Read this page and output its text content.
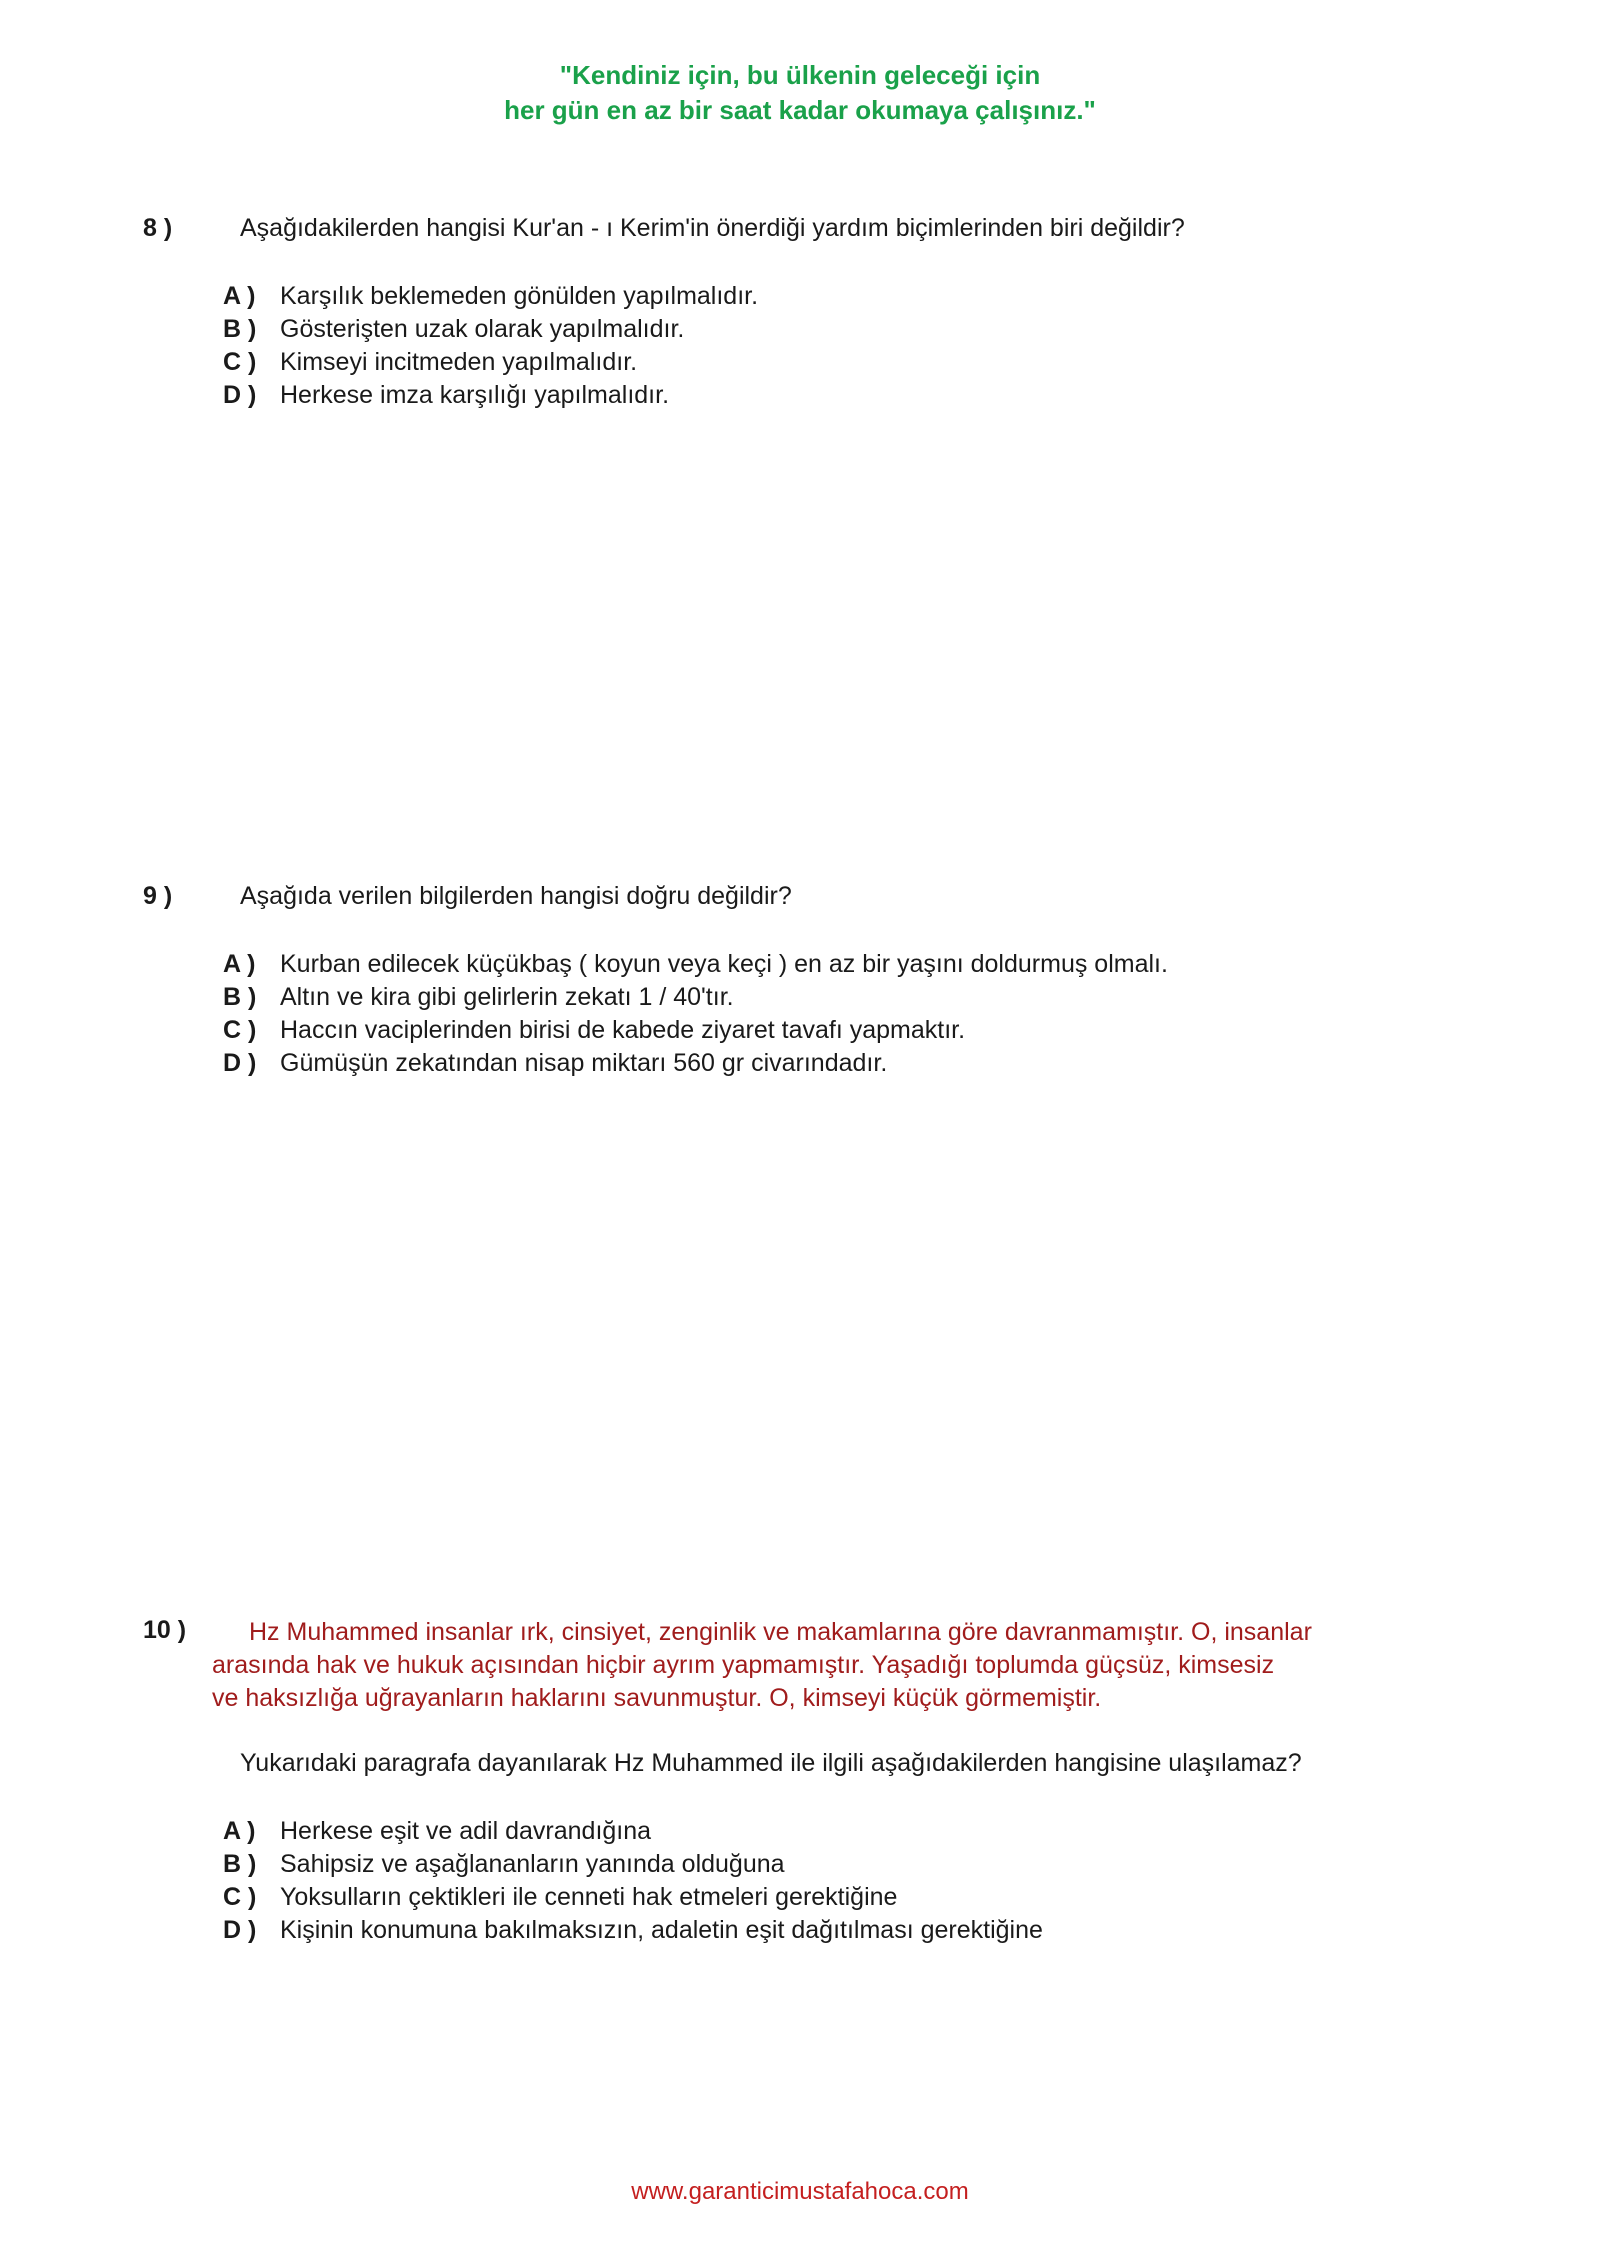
"Kendiniz için, bu ülkenin geleceği için
her gün en az bir saat kadar okumaya çalışınız."
8 )	Aşağıdakilerden hangisi Kur'an - ı Kerim'in önerdiği yardım biçimlerinden biri değildir?
A ) Karşılık beklemeden gönülden yapılmalıdır.
B ) Gösterişten uzak olarak yapılmalıdır.
C ) Kimseyi incitmeden yapılmalıdır.
D ) Herkese imza karşılığı yapılmalıdır.
9 )	Aşağıda verilen bilgilerden hangisi doğru değildir?
A ) Kurban edilecek küçükbaş ( koyun veya keçi ) en az bir yaşını doldurmuş olmalı.
B ) Altın ve kira gibi gelirlerin zekatı 1 / 40'tır.
C ) Haccın vaciplerinden birisi de kabede ziyaret tavafı yapmaktır.
D ) Gümüşün zekatından nisap miktarı 560 gr civarındadır.
10 )	Hz Muhammed insanlar ırk, cinsiyet, zenginlik ve makamlarına göre davranmamıştır. O, insanlar
arasında hak ve hukuk açısından hiçbir ayrım yapmamıştır. Yaşadığı toplumda güçsüz, kimsesiz
ve haksızlığa uğrayanların haklarını savunmuştur. O, kimseyi küçük görmemiştir.
Yukarıdaki paragrafa dayanılarak Hz Muhammed ile ilgili aşağıdakilerden hangisine ulaşılamaz?
A ) Herkese eşit ve adil davrandığına
B ) Sahipsiz ve aşağlananların yanında olduğuna
C ) Yoksulların çektikleri ile cenneti hak etmeleri gerektiğine
D ) Kişinin konumuna bakılmaksızın, adaletin eşit dağıtılması gerektiğine
www.garanticimustafahoca.com
